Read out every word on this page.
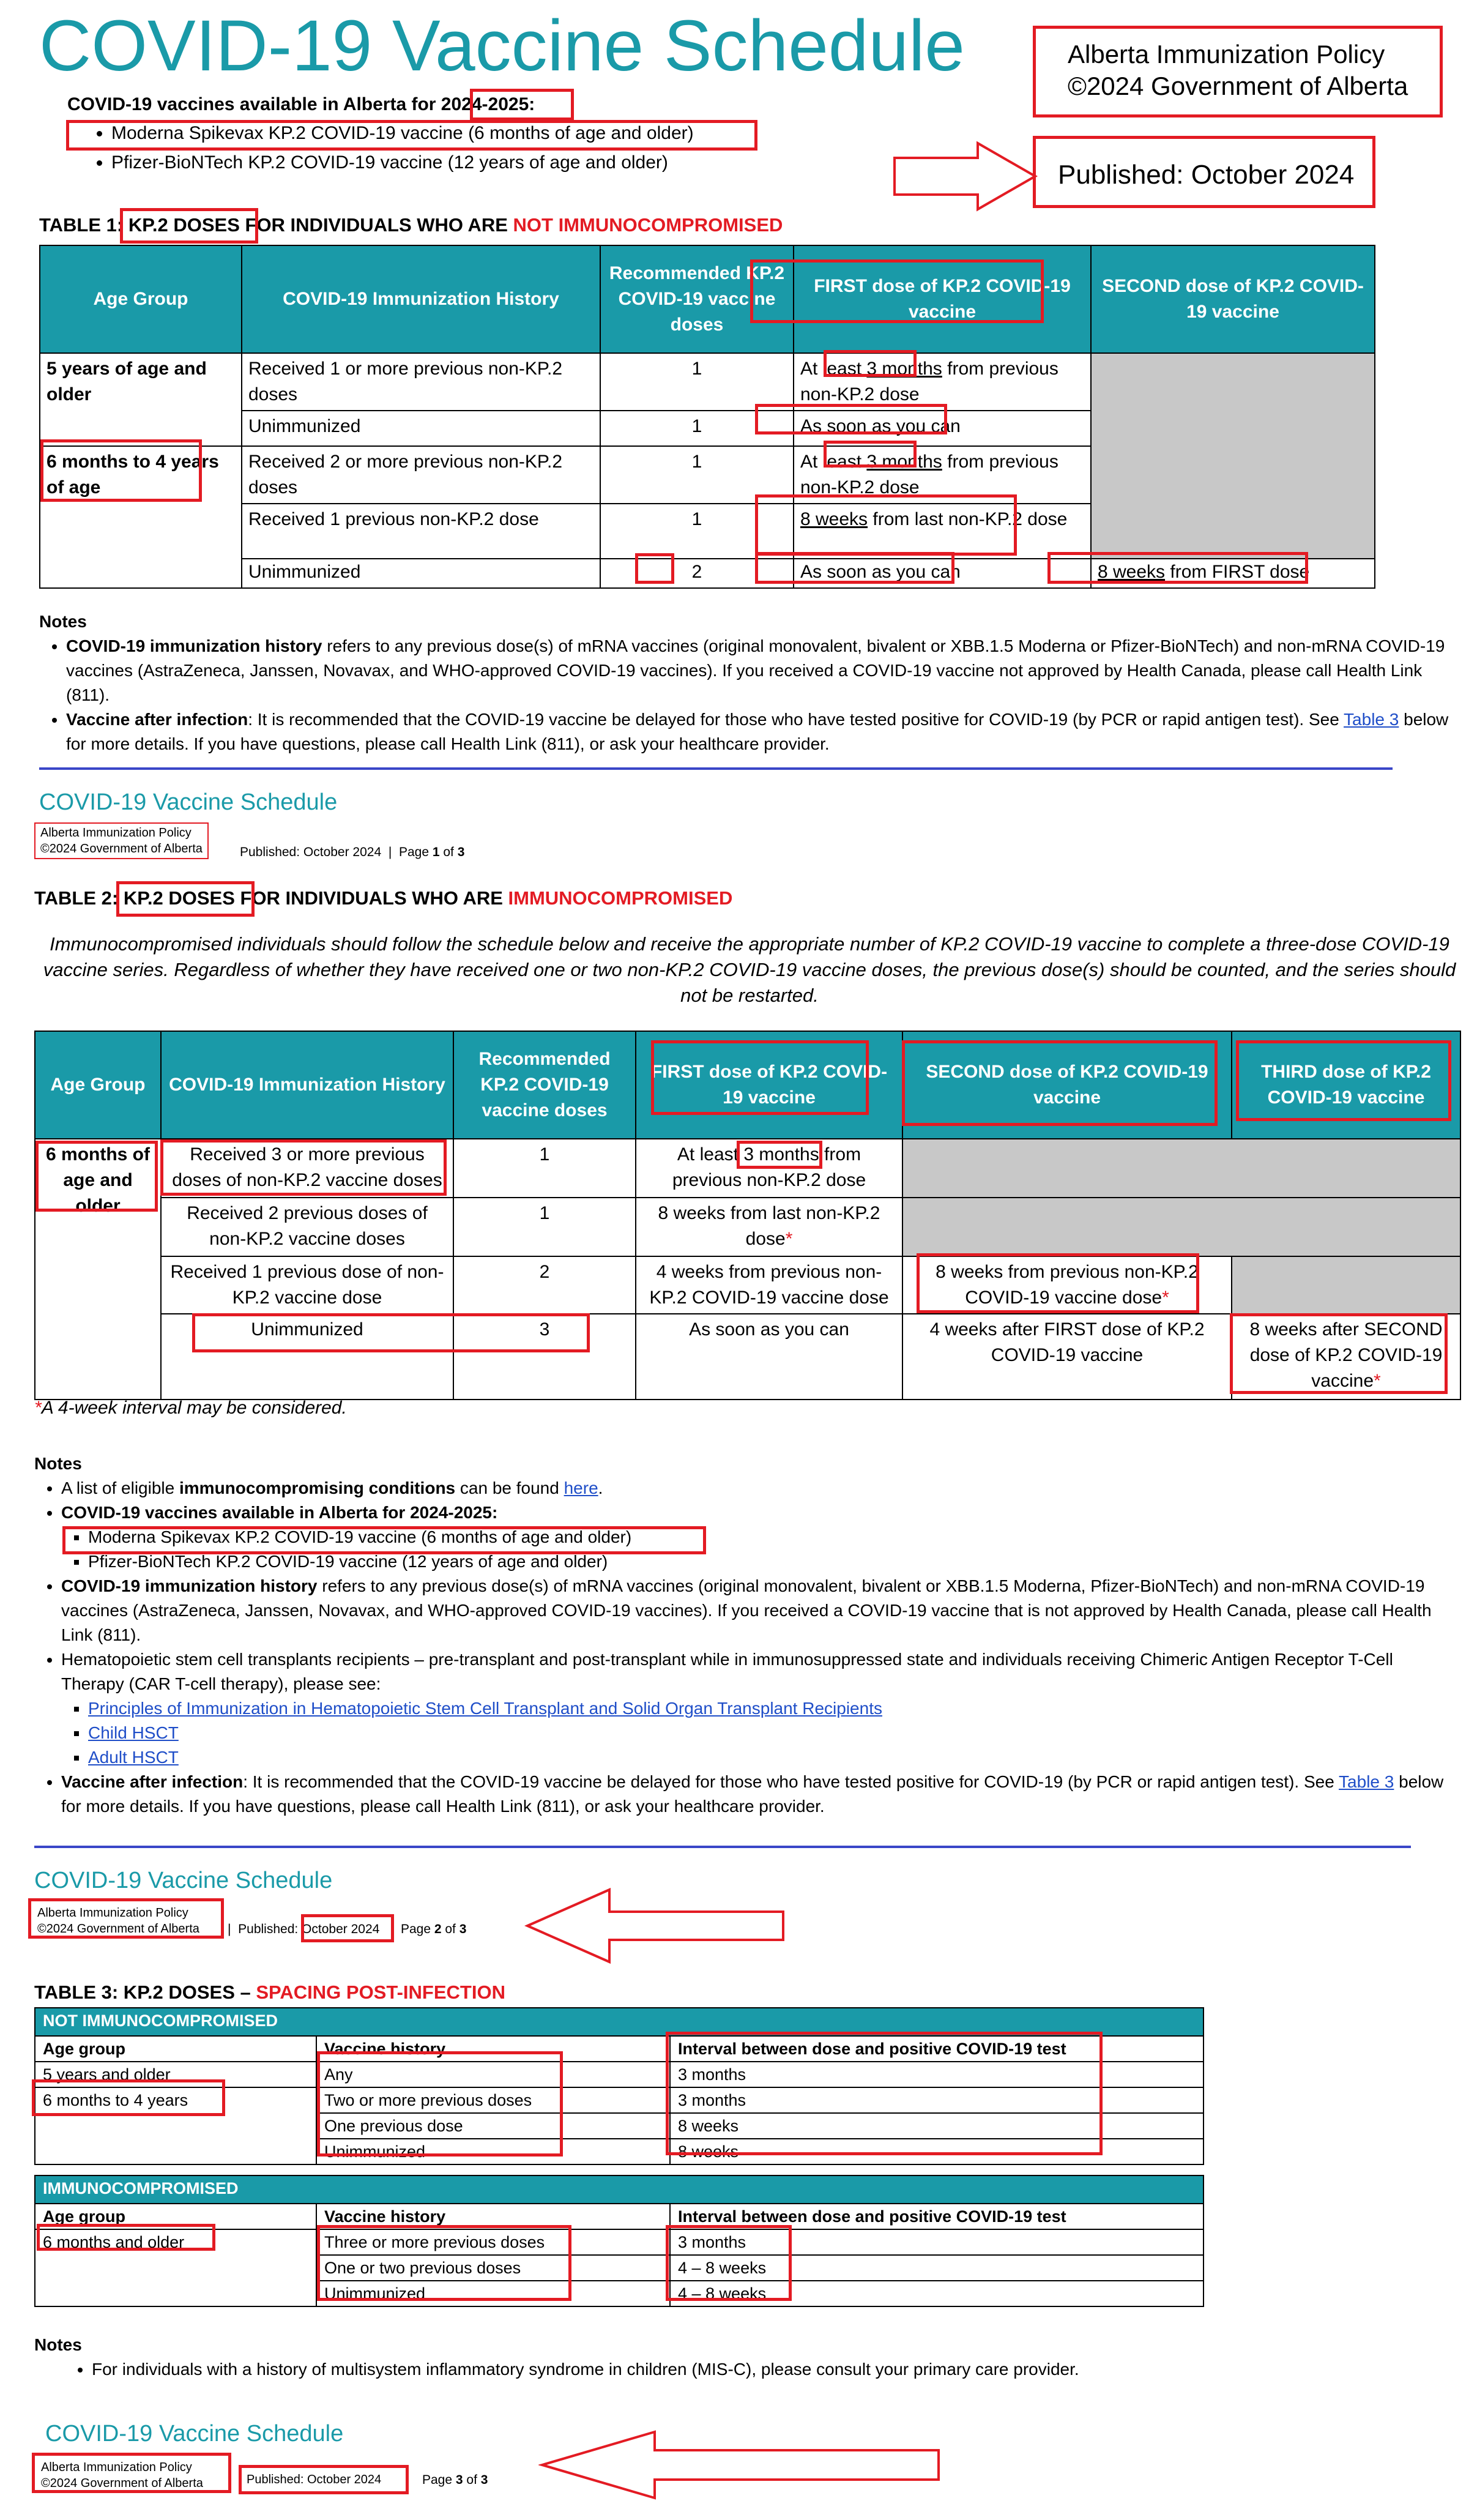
COVID-19 Vaccine Schedule	Alberta Immunization Policy
©2024 Government of Alberta
Published: October 2024
COVID-19 vaccines available in Alberta for 2024-2025:
• Moderna Spikevax KP.2 COVID-19 vaccine (6 months of age and older)
• Pfizer-BioNTech KP.2 COVID-19 vaccine (12 years of age and older)
TABLE 1: KP.2 DOSES FOR INDIVIDUALS WHO ARE NOT IMMUNOCOMPROMISED
Age Group	COVID-19 Immunization History	Recommended KP.2 COVID-19 vaccine doses	FIRST dose of KP.2 COVID-19 vaccine	SECOND dose of KP.2 COVID-19 vaccine
5 years of age and older	Received 1 or more previous non-KP.2 doses	1	At least 3 months from previous non-KP.2 dose	
	Unimmunized	1	As soon as you can	
6 months to 4 years of age	Received 2 or more previous non-KP.2 doses	1	At least 3 months from previous non-KP.2 dose	
	Received 1 previous non-KP.2 dose	1	8 weeks from last non-KP.2 dose	
	Unimmunized	2	As soon as you can	8 weeks from FIRST dose
Notes
• COVID-19 immunization history refers to any previous dose(s) of mRNA vaccines (original monovalent, bivalent or XBB.1.5 Moderna or Pfizer-BioNTech) and non-mRNA COVID-19 vaccines (AstraZeneca, Janssen, Novavax, and WHO-approved COVID-19 vaccines). If you received a COVID-19 vaccine not approved by Health Canada, please call Health Link (811).
• Vaccine after infection: It is recommended that the COVID-19 vaccine be delayed for those who have tested positive for COVID-19 (by PCR or rapid antigen test). See Table 3 below for more details. If you have questions, please call Health Link (811), or ask your healthcare provider.
COVID-19 Vaccine Schedule
Alberta Immunization Policy
©2024 Government of Alberta	Published: October 2024 | Page 1 of 3
TABLE 2: KP.2 DOSES FOR INDIVIDUALS WHO ARE IMMUNOCOMPROMISED
Immunocompromised individuals should follow the schedule below and receive the appropriate number of KP.2 COVID-19 vaccine to complete a three-dose COVID-19 vaccine series. Regardless of whether they have received one or two non-KP.2 COVID-19 vaccine doses, the previous dose(s) should be counted, and the series should not be restarted.
Age Group	COVID-19 Immunization History	Recommended KP.2 COVID-19 vaccine doses	FIRST dose of KP.2 COVID-19 vaccine	SECOND dose of KP.2 COVID-19 vaccine	THIRD dose of KP.2 COVID-19 vaccine
6 months of age and older	Received 3 or more previous doses of non-KP.2 vaccine doses	1	At least 3 months from previous non-KP.2 dose		
	Received 2 previous doses of non-KP.2 vaccine doses	1	8 weeks from last non-KP.2 dose*		
	Received 1 previous dose of non-KP.2 vaccine dose	2	4 weeks from previous non-KP.2 COVID-19 vaccine dose	8 weeks from previous non-KP.2 COVID-19 vaccine dose*	
	Unimmunized	3	As soon as you can	4 weeks after FIRST dose of KP.2 COVID-19 vaccine	8 weeks after SECOND dose of KP.2 COVID-19 vaccine*
*A 4-week interval may be considered.
Notes
• A list of eligible immunocompromising conditions can be found here.
• COVID-19 vaccines available in Alberta for 2024-2025:
▪ Moderna Spikevax KP.2 COVID-19 vaccine (6 months of age and older)
▪ Pfizer-BioNTech KP.2 COVID-19 vaccine (12 years of age and older)
• COVID-19 immunization history refers to any previous dose(s) of mRNA vaccines (original monovalent, bivalent or XBB.1.5 Moderna, Pfizer-BioNTech) and non-mRNA COVID-19 vaccines (AstraZeneca, Janssen, Novavax, and WHO-approved COVID-19 vaccines). If you received a COVID-19 vaccine that is not approved by Health Canada, please call Health Link (811).
• Hematopoietic stem cell transplants recipients – pre-transplant and post-transplant while in immunosuppressed state and individuals receiving Chimeric Antigen Receptor T-Cell Therapy (CAR T-cell therapy), please see:
▪ Principles of Immunization in Hematopoietic Stem Cell Transplant and Solid Organ Transplant Recipients
▪ Child HSCT
▪ Adult HSCT
• Vaccine after infection: It is recommended that the COVID-19 vaccine be delayed for those who have tested positive for COVID-19 (by PCR or rapid antigen test). See Table 3 below for more details. If you have questions, please call Health Link (811), or ask your healthcare provider.
COVID-19 Vaccine Schedule
Alberta Immunization Policy
©2024 Government of Alberta	| Published: October 2024 | Page 2 of 3
TABLE 3: KP.2 DOSES – SPACING POST-INFECTION
NOT IMMUNOCOMPROMISED		
Age group	Vaccine history	Interval between dose and positive COVID-19 test
5 years and older	Any	3 months
6 months to 4 years	Two or more previous doses	3 months
	One previous dose	8 weeks
	Unimmunized	8 weeks

IMMUNOCOMPROMISED		
Age group	Vaccine history	Interval between dose and positive COVID-19 test
6 months and older	Three or more previous doses	3 months
	One or two previous doses	4 – 8 weeks
	Unimmunized	4 – 8 weeks
Notes
• For individuals with a history of multisystem inflammatory syndrome in children (MIS-C), please consult your primary care provider.
COVID-19 Vaccine Schedule
Alberta Immunization Policy
©2024 Government of Alberta	Published: October 2024	Page 3 of 3
